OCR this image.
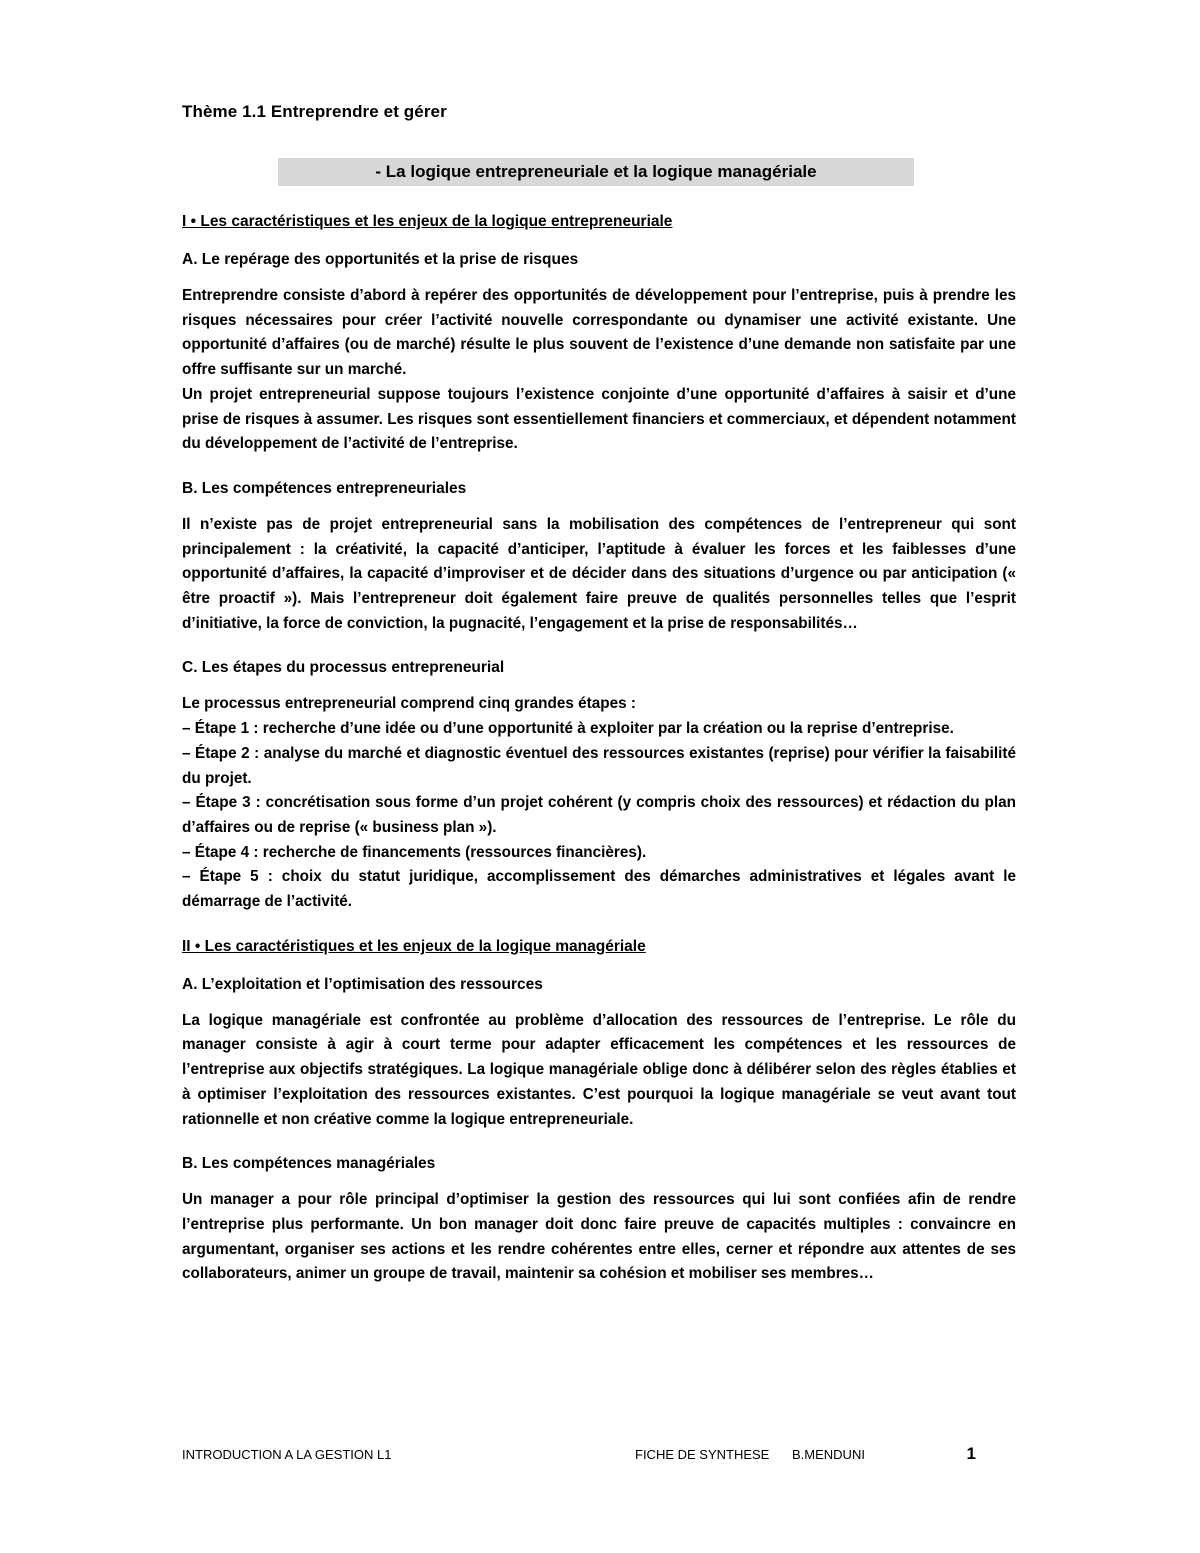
Thème 1.1 Entreprendre et gérer
- La logique entrepreneuriale et la logique managériale
I • Les caractéristiques et les enjeux de la logique entrepreneuriale
A. Le repérage des opportunités et la prise de risques

Entreprendre consiste d’abord à repérer des opportunités de développement pour l’entreprise, puis à prendre les risques nécessaires pour créer l’activité nouvelle correspondante ou dynamiser une activité existante. Une opportunité d’affaires (ou de marché) résulte le plus souvent de l’existence d’une demande non satisfaite par une offre suffisante sur un marché.

Un projet entrepreneurial suppose toujours l’existence conjointe d’une opportunité d’affaires à saisir et d’une prise de risques à assumer. Les risques sont essentiellement financiers et commerciaux, et dépendent notamment du développement de l’activité de l’entreprise.

B. Les compétences entrepreneuriales

Il n’existe pas de projet entrepreneurial sans la mobilisation des compétences de l’entrepreneur qui sont principalement : la créativité, la capacité d’anticiper, l’aptitude à évaluer les forces et les faiblesses d’une opportunité d’affaires, la capacité d’improviser et de décider dans des situations d’urgence ou par anticipation (« être proactif »). Mais l’entrepreneur doit également faire preuve de qualités personnelles telles que l’esprit d’initiative, la force de conviction, la pugnacité, l’engagement et la prise de responsabilités…

C. Les étapes du processus entrepreneurial

Le processus entrepreneurial comprend cinq grandes étapes :

– Étape 1 : recherche d’une idée ou d’une opportunité à exploiter par la création ou la reprise d’entreprise.

– Étape 2 : analyse du marché et diagnostic éventuel des ressources existantes (reprise) pour vérifier la faisabilité du projet.

– Étape 3 : concrétisation sous forme d’un projet cohérent (y compris choix des ressources) et rédaction du plan d’affaires ou de reprise (« business plan »).

– Étape 4 : recherche de financements (ressources financières).

– Étape 5 : choix du statut juridique, accomplissement des démarches administratives et légales avant le démarrage de l’activité.

II • Les caractéristiques et les enjeux de la logique managériale
A. L’exploitation et l’optimisation des ressources

La logique managériale est confrontée au problème d’allocation des ressources de l’entreprise. Le rôle du manager consiste à agir à court terme pour adapter efficacement les compétences et les ressources de l’entreprise aux objectifs stratégiques. La logique managériale oblige donc à délibérer selon des règles établies et à optimiser l’exploitation des ressources existantes. C’est pourquoi la logique managériale se veut avant tout rationnelle et non créative comme la logique entrepreneuriale.

B. Les compétences managériales

Un manager a pour rôle principal d’optimiser la gestion des ressources qui lui sont confiées afin de rendre l’entreprise plus performante. Un bon manager doit donc faire preuve de capacités multiples : convaincre en argumentant, organiser ses actions et les rendre cohérentes entre elles, cerner et répondre aux attentes de ses collaborateurs, animer un groupe de travail, maintenir sa cohésion et mobiliser ses membres…

INTRODUCTION A LA GESTION L1	FICHE DE SYNTHESE B.MENDUNI	1
